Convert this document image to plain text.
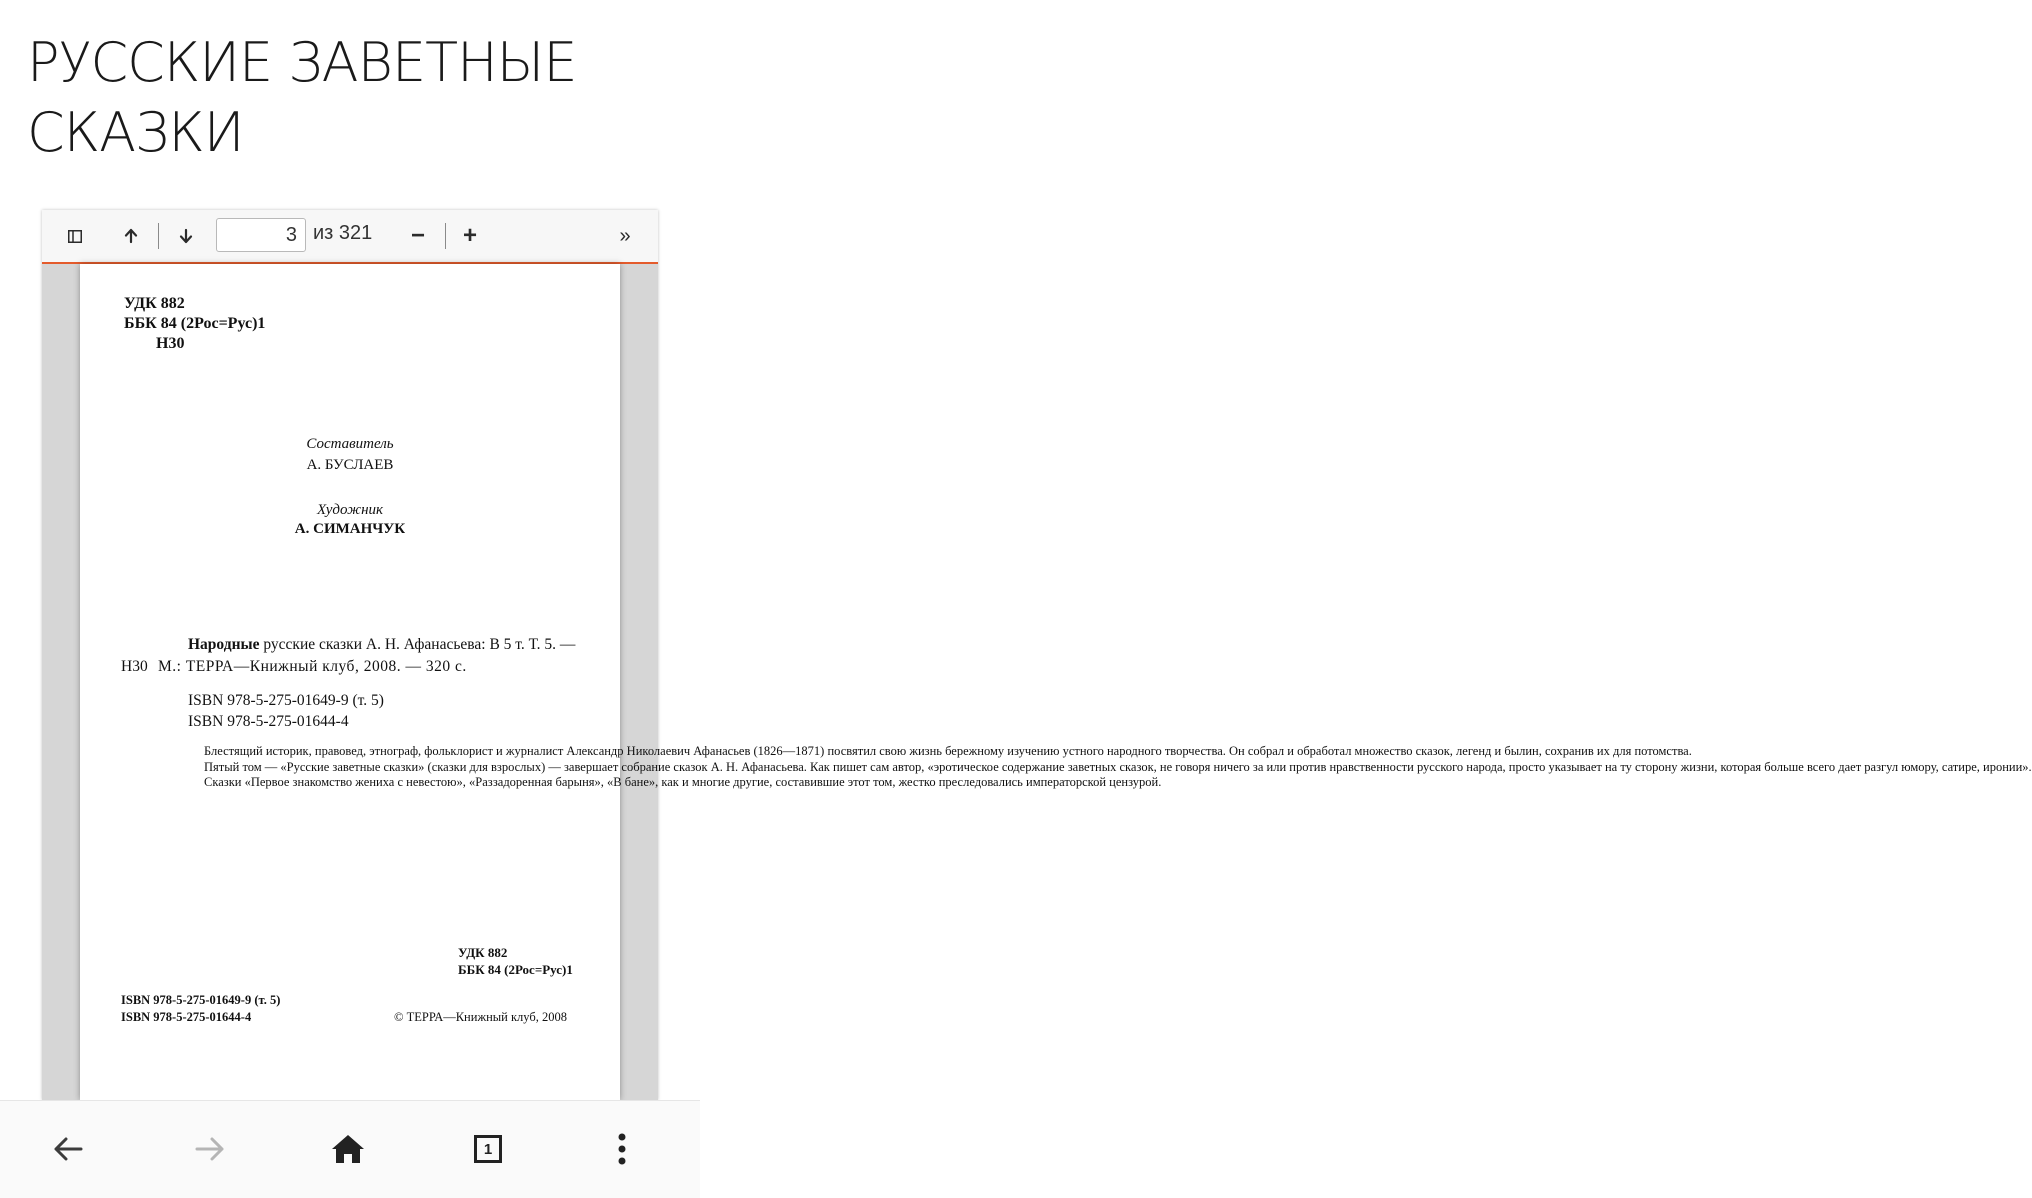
РУССКИЕ ЗАВЕТНЫЕ
СКАЗКИ
3
из 321	−	+	»
УДК 882
ББК 84 (2Рос=Рус)1
Н30
Составитель
А. БУСЛАЕВ
Художник
А. СИМАНЧУК
Народные русские сказки А. Н. Афанасьева: В 5 т. Т. 5. —
Н30 М.: ТЕРРА—Книжный клуб, 2008. — 320 с.
ISBN 978-5-275-01649-9 (т. 5)
ISBN 978-5-275-01644-4

Блестящий историк, правовед, этнограф, фольклорист и журналист Александр Николаевич Афанасьев (1826—1871) посвятил свою жизнь бережному изучению устного народного творчества. Он собрал и обработал множество сказок, легенд и былин, сохранив их для потомства.

Пятый том — «Русские заветные сказки» (сказки для взрослых) — завершает собрание сказок А. Н. Афанасьева. Как пишет сам автор, «эротическое содержание заветных сказок, не говоря ничего за или против нравственности русского народа, просто указывает на ту сторону жизни, которая больше всего дает разгул юмору, сатире, иронии».

Сказки «Первое знакомство жениха с невестою», «Раззадоренная барыня», «В бане», как и многие другие, составившие этот том, жестко преследовались императорской цензурой.

УДК 882
ББК 84 (2Рос=Рус)1
ISBN 978-5-275-01649-9 (т. 5)
ISBN 978-5-275-01644-4	© ТЕРРА—Книжный клуб, 2008
1
